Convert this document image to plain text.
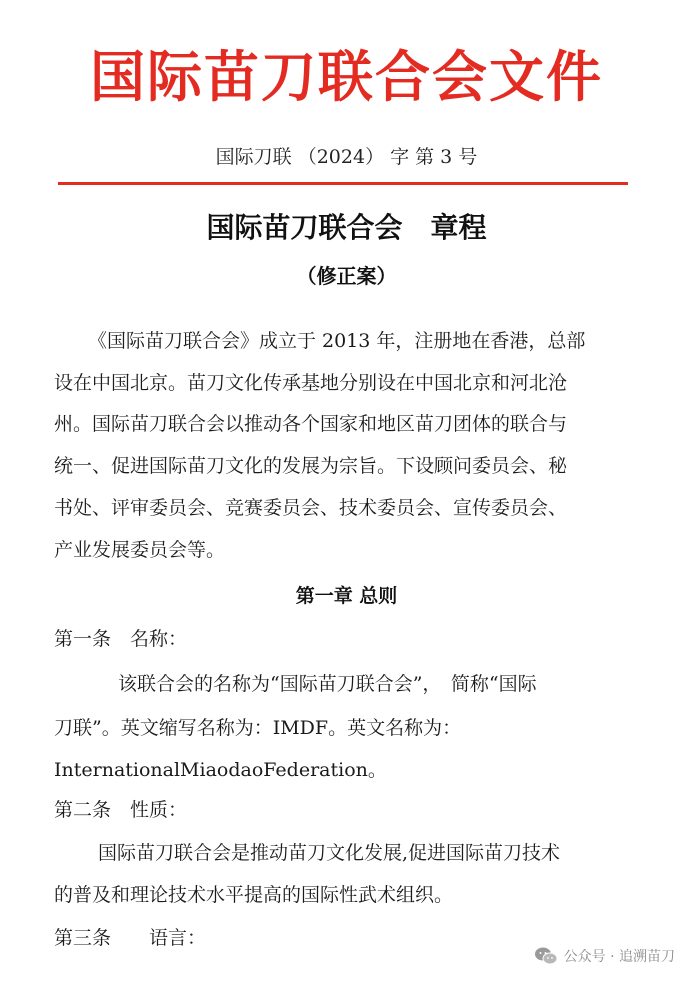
国际苗刀联合会文件
国际刀联 （2024） 字 第 3 号
国际苗刀联合会　章程
（修正案）
《国际苗刀联合会》成立于 2013 年，注册地在香港，总部
设在中国北京。苗刀文化传承基地分别设在中国北京和河北沧
州。国际苗刀联合会以推动各个国家和地区苗刀团体的联合与
统一、促进国际苗刀文化的发展为宗旨。下设顾问委员会、秘
书处、评审委员会、竞赛委员会、技术委员会、宣传委员会、
产业发展委员会等。
第一章 总则
第一条　名称：
该联合会的名称为“国际苗刀联合会”，　简称“国际
刀联”。英文缩写名称为：IMDF。英文名称为：
InternationalMiaodaoFederation。
第二条　性质：
国际苗刀联合会是推动苗刀文化发展,促进国际苗刀技术
的普及和理论技术水平提高的国际性武术组织。
第三条　　语言：
公众号 · 追溯苗刀
